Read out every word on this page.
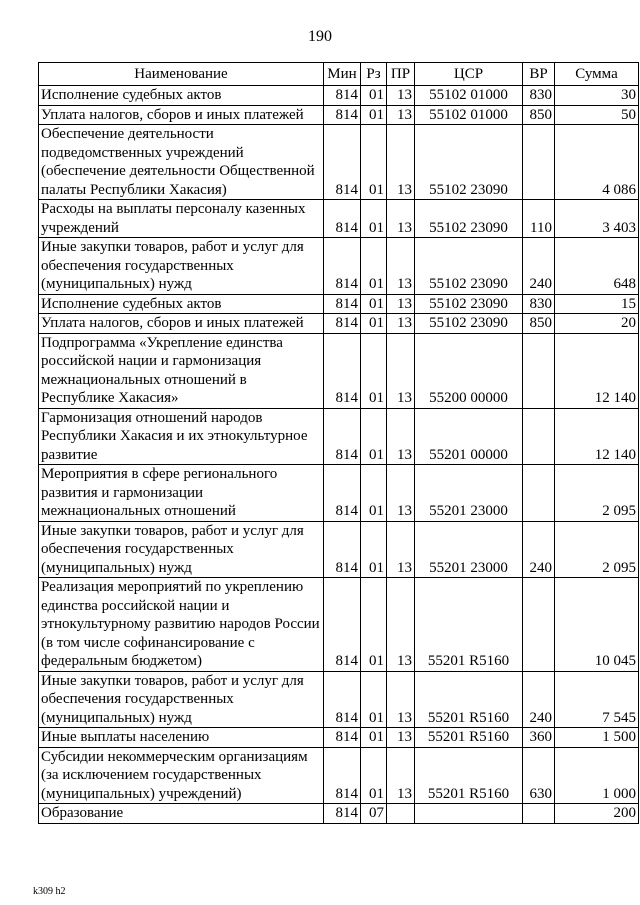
190
Наименование	Мин	Рз	ПР	ЦСР	ВР	Сумма
Исполнение судебных актов	814	01	13	55102 01000	830	30
Уплата налогов, сборов и иных платежей	814	01	13	55102 01000	850	50
Обеспечение деятельности подведомственных учреждений (обеспечение деятельности Общественной палаты Республики Хакасия)	814	01	13	55102 23090		4 086
Расходы на выплаты персоналу казенных учреждений	814	01	13	55102 23090	110	3 403
Иные закупки товаров, работ и услуг для обеспечения государственных (муниципальных) нужд	814	01	13	55102 23090	240	648
Исполнение судебных актов	814	01	13	55102 23090	830	15
Уплата налогов, сборов и иных платежей	814	01	13	55102 23090	850	20
Подпрограмма «Укрепление единства российской нации и гармонизация межнациональных отношений в Республике Хакасия»	814	01	13	55200 00000		12 140
Гармонизация отношений народов Республики Хакасия и их этнокультурное развитие	814	01	13	55201 00000		12 140
Мероприятия в сфере регионального развития и гармонизации межнациональных отношений	814	01	13	55201 23000		2 095
Иные закупки товаров, работ и услуг для обеспечения государственных (муниципальных) нужд	814	01	13	55201 23000	240	2 095
Реализация мероприятий по укреплению единства российской нации и этнокультурному развитию народов России (в том числе софинансирование с федеральным бюджетом)	814	01	13	55201 R5160		10 045
Иные закупки товаров, работ и услуг для обеспечения государственных (муниципальных) нужд	814	01	13	55201 R5160	240	7 545
Иные выплаты населению	814	01	13	55201 R5160	360	1 500
Субсидии некоммерческим организациям (за исключением государственных (муниципальных) учреждений)	814	01	13	55201 R5160	630	1 000
Образование	814	07				200
k309 h2
